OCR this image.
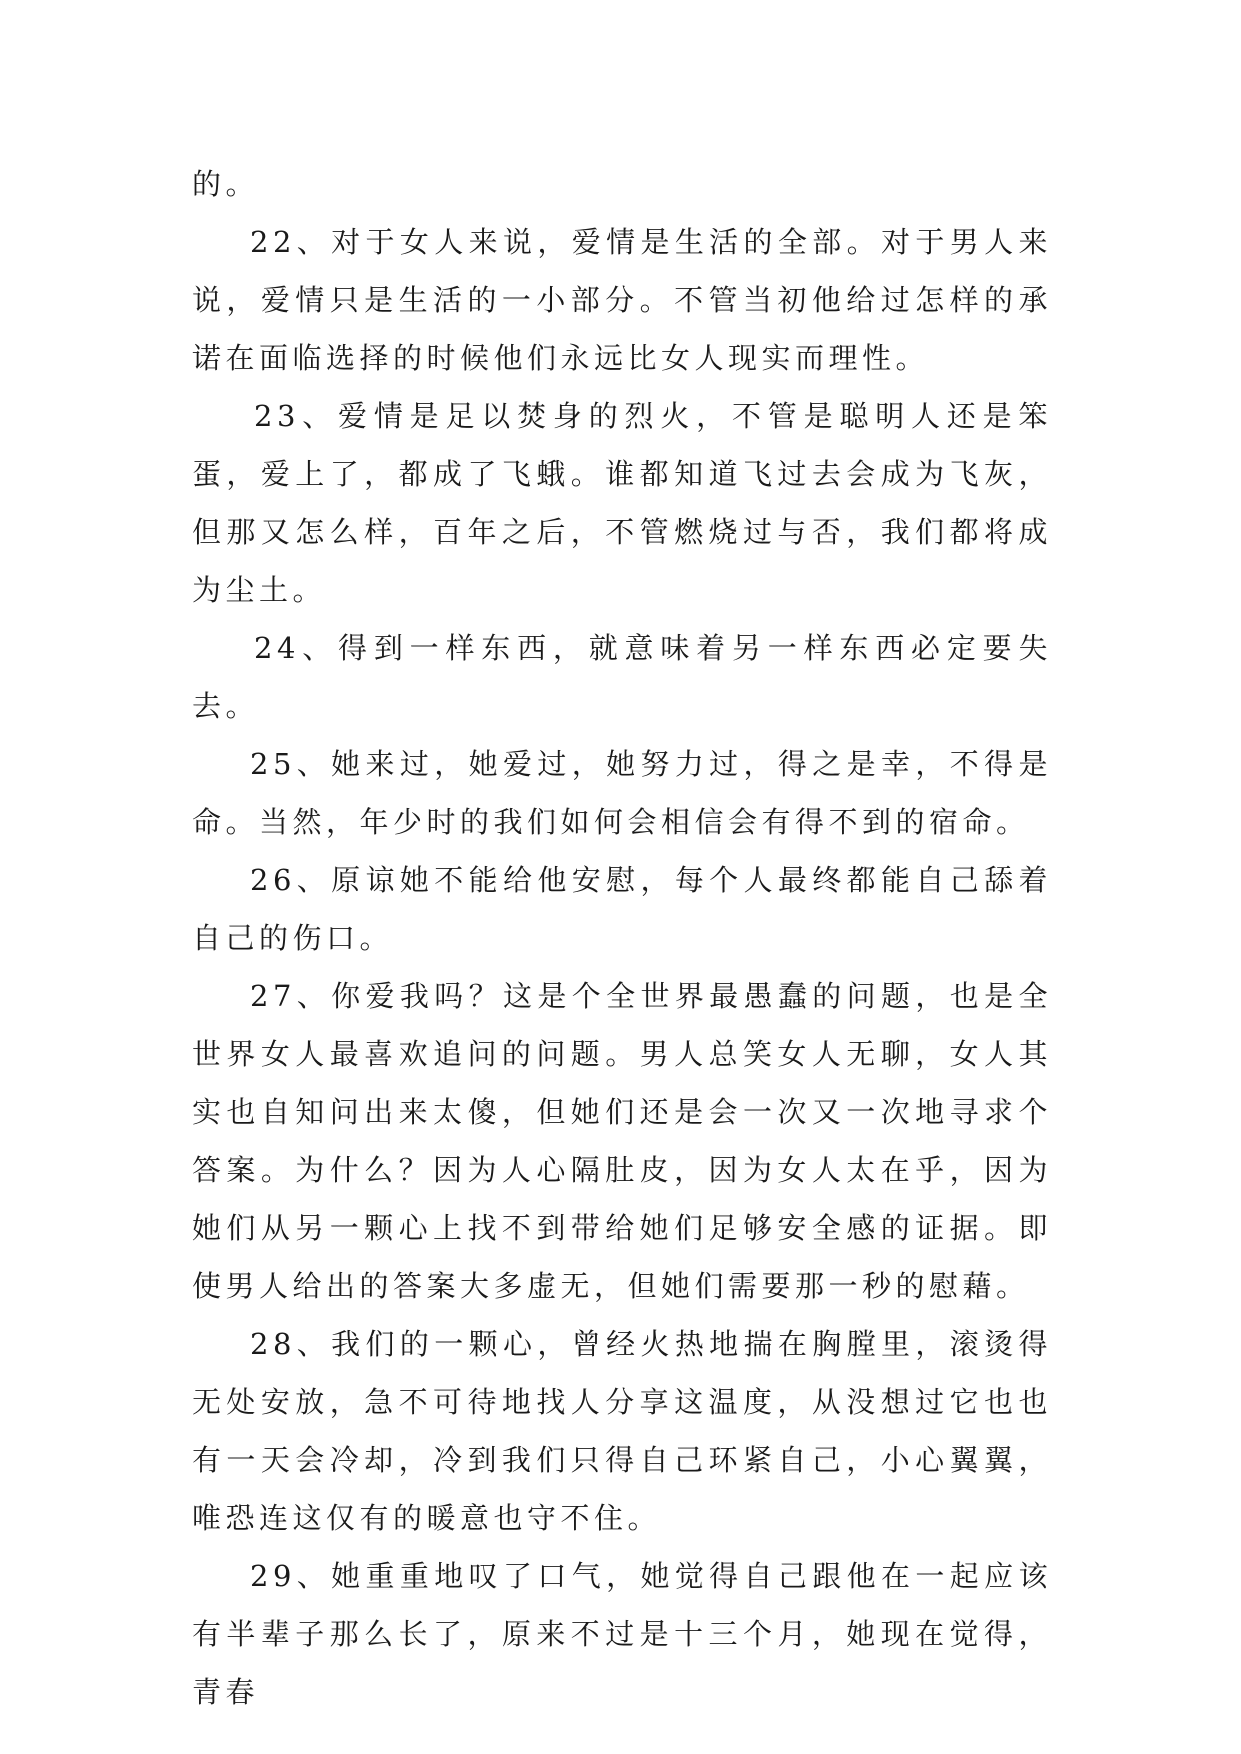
的。

22、对于女人来说，爱情是生活的全部。对于男人来说，爱情只是生活的一小部分。不管当初他给过怎样的承诺在面临选择的时候他们永远比女人现实而理性。

23、爱情是足以焚身的烈火，不管是聪明人还是笨蛋，爱上了，都成了飞蛾。谁都知道飞过去会成为飞灰，但那又怎么样，百年之后，不管燃烧过与否，我们都将成为尘土。

24、得到一样东西，就意味着另一样东西必定要失去。

25、她来过，她爱过，她努力过，得之是幸，不得是命。当然，年少时的我们如何会相信会有得不到的宿命。

26、原谅她不能给他安慰，每个人最终都能自己舔着自己的伤口。

27、你爱我吗？这是个全世界最愚蠢的问题，也是全世界女人最喜欢追问的问题。男人总笑女人无聊，女人其实也自知问出来太傻，但她们还是会一次又一次地寻求个答案。为什么？因为人心隔肚皮，因为女人太在乎，因为她们从另一颗心上找不到带给她们足够安全感的证据。即使男人给出的答案大多虚无，但她们需要那一秒的慰藉。

28、我们的一颗心，曾经火热地揣在胸膛里，滚烫得无处安放，急不可待地找人分享这温度，从没想过它也也有一天会冷却，冷到我们只得自己环紧自己，小心翼翼，唯恐连这仅有的暖意也守不住。

29、她重重地叹了口气，她觉得自己跟他在一起应该有半辈子那么长了，原来不过是十三个月，她现在觉得，青春
